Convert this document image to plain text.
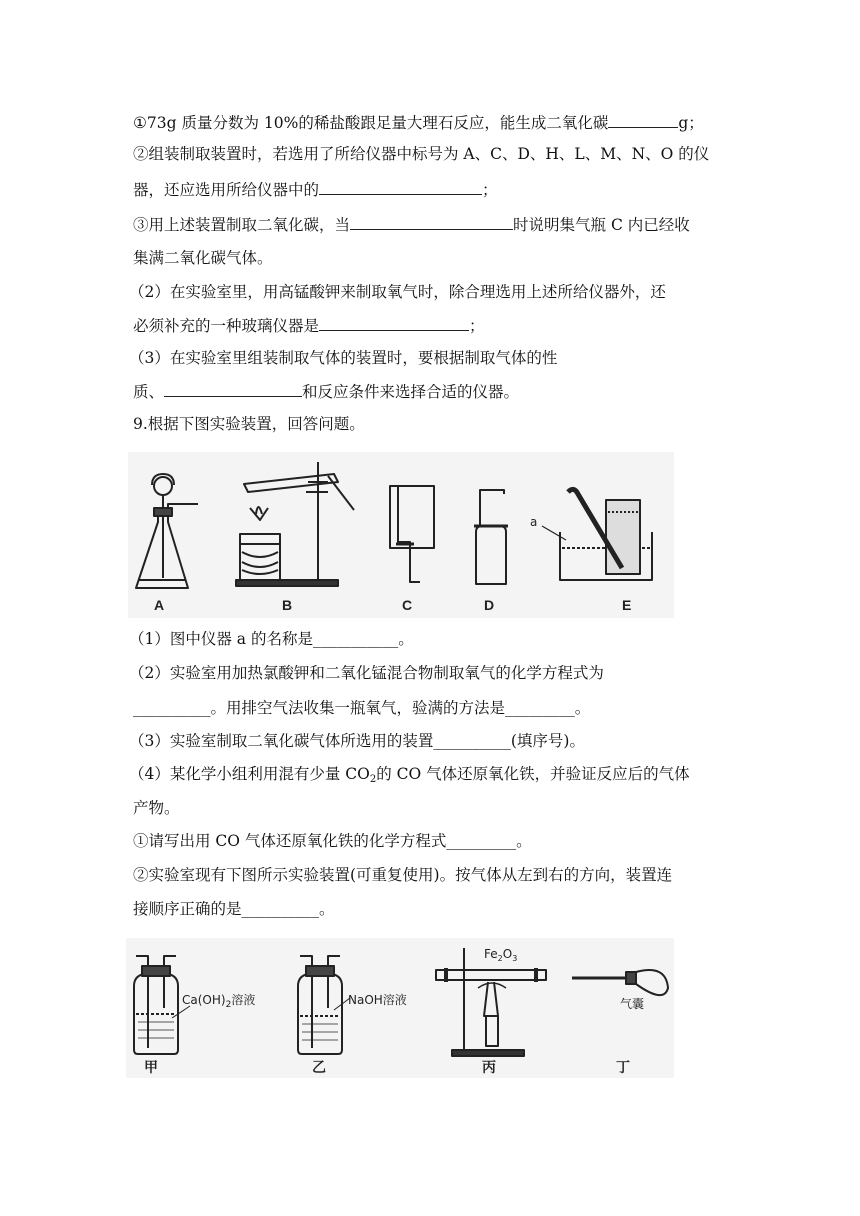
①73g 质量分数为 10%的稀盐酸跟足量大理石反应，能生成二氧化碳	g；
②组装制取装置时，若选用了所给仪器中标号为 A、C、D、H、L、M、N、O 的仪
器，还应选用所给仪器中的	；
③用上述装置制取二氧化碳，当	时说明集气瓶 C 内已经收
集满二氧化碳气体。
（2）在实验室里，用高锰酸钾来制取氧气时，除合理选用上述所给仪器外，还
必须补充的一种玻璃仪器是	；
（3）在实验室里组装制取气体的装置时，要根据制取气体的性
质、	和反应条件来选择合适的仪器。
9.根据下图实验装置，回答问题。
A	B	C	D	E
a
（1）图中仪器 a 的名称是___________。
（2）实验室用加热氯酸钾和二氧化锰混合物制取氧气的化学方程式为
__________。用排空气法收集一瓶氧气，验满的方法是_________。
（3）实验室制取二氧化碳气体所选用的装置__________(填序号)。
（4）某化学小组利用混有少量 $CO_2$的 CO 气体还原氧化铁，并验证反应后的气体
产物。
①请写出用 CO 气体还原氧化铁的化学方程式_________。
②实验室现有下图所示实验装置(可重复使用)。按气体从左到右的方向，装置连
接顺序正确的是__________。
$Ca(OH)_2$溶液	NaOH溶液
$Fe_2O_3$
气囊
甲	乙	丙	丁
